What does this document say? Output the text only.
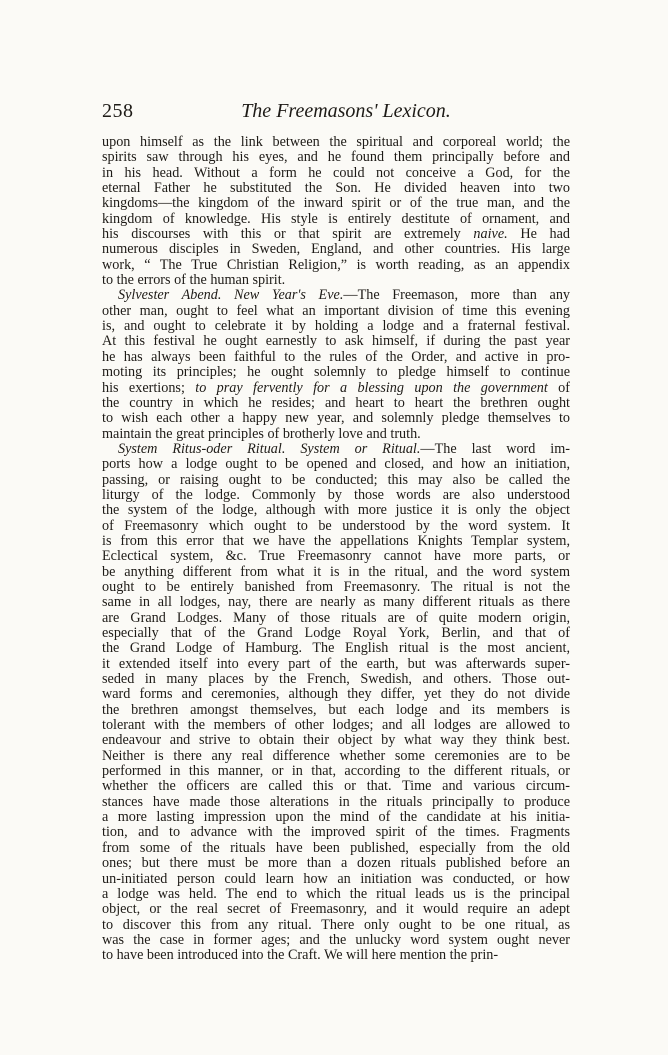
258	The Freemasons' Lexicon.
upon himself as the link between the spiritual and corporeal world; the
spirits saw through his eyes, and he found them principally before and
in his head. Without a form he could not conceive a God, for the
eternal Father he substituted the Son. He divided heaven into two
kingdoms—the kingdom of the inward spirit or of the true man, and the
kingdom of knowledge. His style is entirely destitute of ornament, and
his discourses with this or that spirit are extremely naive. He had
numerous disciples in Sweden, England, and other countries. His large
work, “ The True Christian Religion,” is worth reading, as an appendix
to the errors of the human spirit.
Sylvester Abend. New Year's Eve.—The Freemason, more than any
other man, ought to feel what an important division of time this evening
is, and ought to celebrate it by holding a lodge and a fraternal festival.
At this festival he ought earnestly to ask himself, if during the past year
he has always been faithful to the rules of the Order, and active in pro-
moting its principles; he ought solemnly to pledge himself to continue
his exertions; to pray fervently for a blessing upon the government of
the country in which he resides; and heart to heart the brethren ought
to wish each other a happy new year, and solemnly pledge themselves to
maintain the great principles of brotherly love and truth.
System Ritus-oder Ritual. System or Ritual.—The last word im-
ports how a lodge ought to be opened and closed, and how an initiation,
passing, or raising ought to be conducted; this may also be called the
liturgy of the lodge. Commonly by those words are also understood
the system of the lodge, although with more justice it is only the object
of Freemasonry which ought to be understood by the word system. It
is from this error that we have the appellations Knights Templar system,
Eclectical system, &c. True Freemasonry cannot have more parts, or
be anything different from what it is in the ritual, and the word system
ought to be entirely banished from Freemasonry. The ritual is not the
same in all lodges, nay, there are nearly as many different rituals as there
are Grand Lodges. Many of those rituals are of quite modern origin,
especially that of the Grand Lodge Royal York, Berlin, and that of
the Grand Lodge of Hamburg. The English ritual is the most ancient,
it extended itself into every part of the earth, but was afterwards super-
seded in many places by the French, Swedish, and others. Those out-
ward forms and ceremonies, although they differ, yet they do not divide
the brethren amongst themselves, but each lodge and its members is
tolerant with the members of other lodges; and all lodges are allowed to
endeavour and strive to obtain their object by what way they think best.
Neither is there any real difference whether some ceremonies are to be
performed in this manner, or in that, according to the different rituals, or
whether the officers are called this or that. Time and various circum-
stances have made those alterations in the rituals principally to produce
a more lasting impression upon the mind of the candidate at his initia-
tion, and to advance with the improved spirit of the times. Fragments
from some of the rituals have been published, especially from the old
ones; but there must be more than a dozen rituals published before an
un-initiated person could learn how an initiation was conducted, or how
a lodge was held. The end to which the ritual leads us is the principal
object, or the real secret of Freemasonry, and it would require an adept
to discover this from any ritual. There only ought to be one ritual, as
was the case in former ages; and the unlucky word system ought never
to have been introduced into the Craft. We will here mention the prin-
